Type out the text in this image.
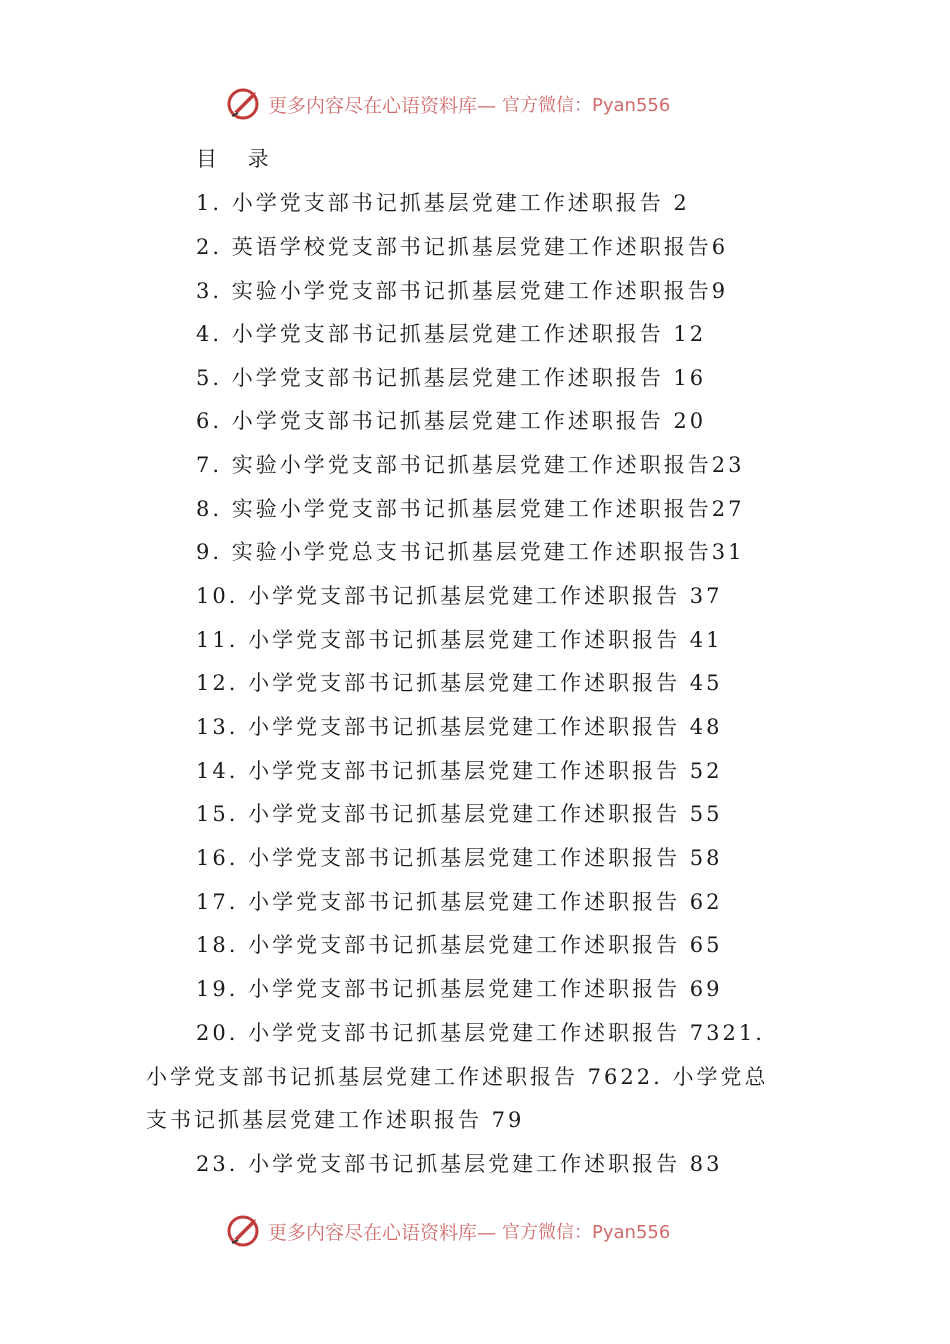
更多内容尽在心语资料库— 官方微信：Pyan556
目 录
1. 小学党支部书记抓基层党建工作述职报告 2
2. 英语学校党支部书记抓基层党建工作述职报告6
3. 实验小学党支部书记抓基层党建工作述职报告9
4. 小学党支部书记抓基层党建工作述职报告 12
5. 小学党支部书记抓基层党建工作述职报告 16
6. 小学党支部书记抓基层党建工作述职报告 20
7. 实验小学党支部书记抓基层党建工作述职报告23
8. 实验小学党支部书记抓基层党建工作述职报告27
9. 实验小学党总支书记抓基层党建工作述职报告31
10. 小学党支部书记抓基层党建工作述职报告 37
11. 小学党支部书记抓基层党建工作述职报告 41
12. 小学党支部书记抓基层党建工作述职报告 45
13. 小学党支部书记抓基层党建工作述职报告 48
14. 小学党支部书记抓基层党建工作述职报告 52
15. 小学党支部书记抓基层党建工作述职报告 55
16. 小学党支部书记抓基层党建工作述职报告 58
17. 小学党支部书记抓基层党建工作述职报告 62
18. 小学党支部书记抓基层党建工作述职报告 65
19. 小学党支部书记抓基层党建工作述职报告 69
20. 小学党支部书记抓基层党建工作述职报告 7321.
小学党支部书记抓基层党建工作述职报告 7622. 小学党总
支书记抓基层党建工作述职报告 79
23. 小学党支部书记抓基层党建工作述职报告 83
更多内容尽在心语资料库— 官方微信：Pyan556
